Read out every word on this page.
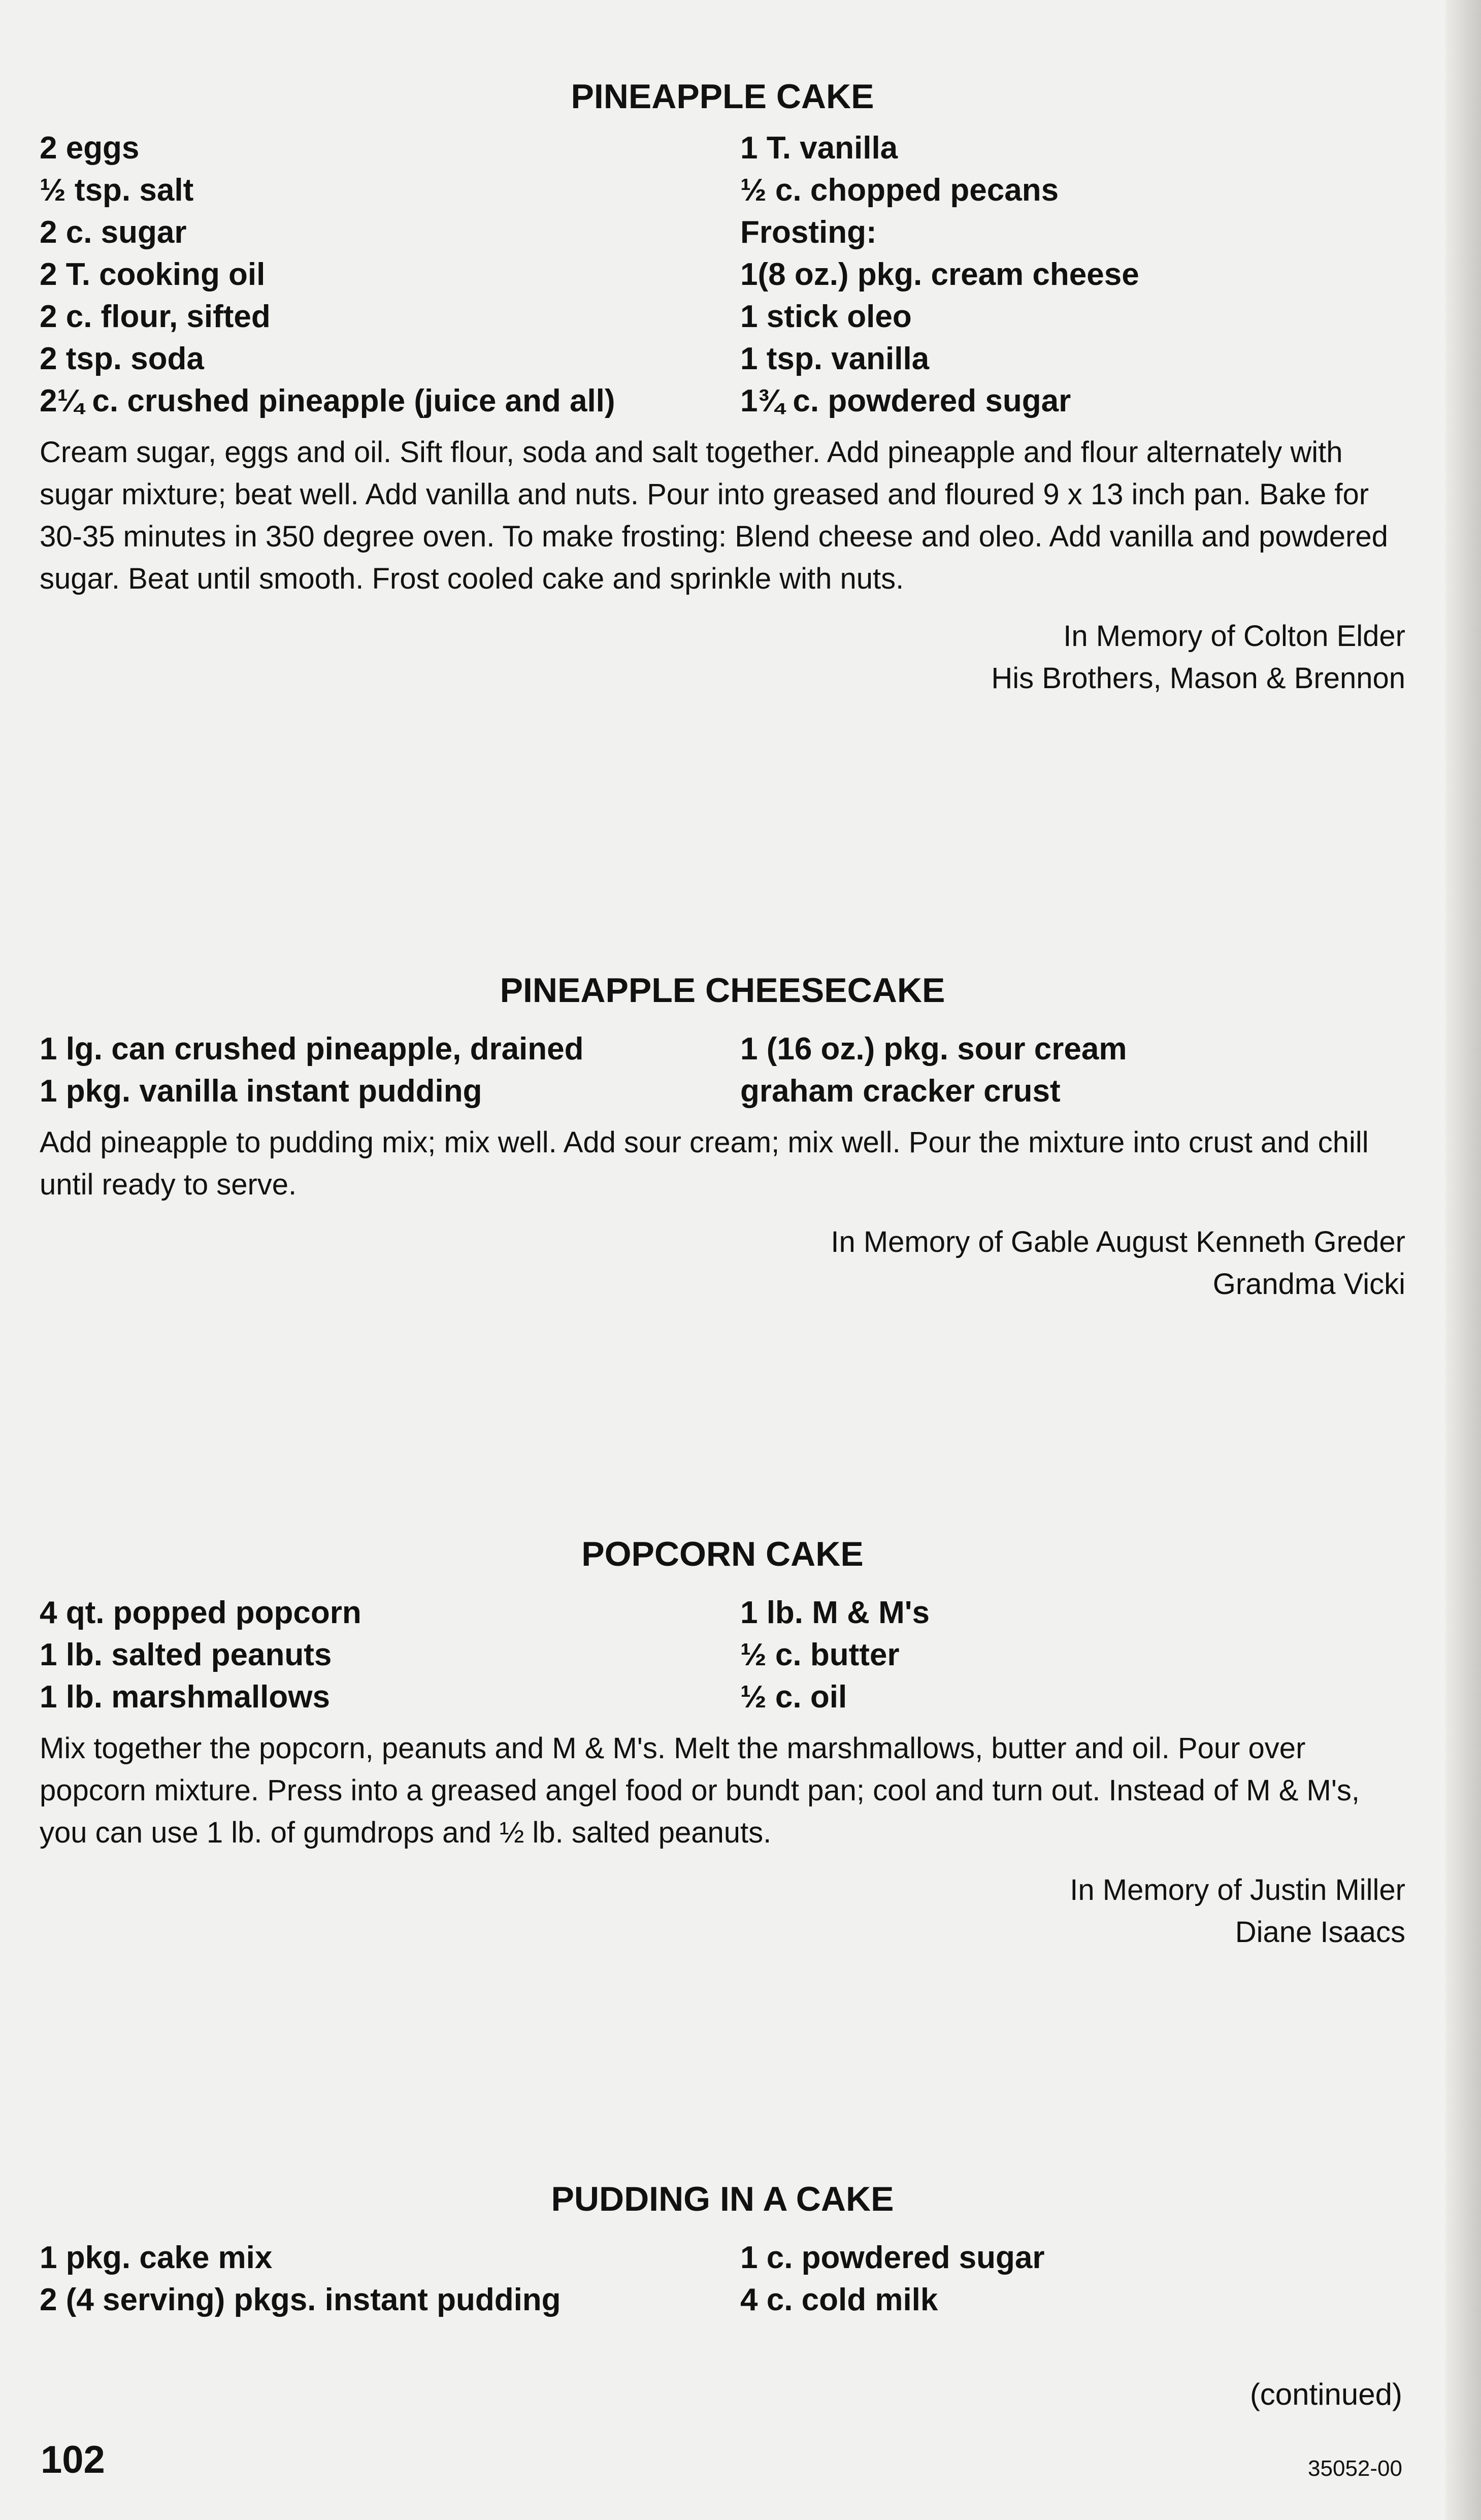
PINEAPPLE CAKE

2 eggs

½ tsp. salt

2 c. sugar

2 T. cooking oil

2 c. flour, sifted

2 tsp. soda

2¼ c. crushed pineapple (juice and all)

1 T. vanilla

½ c. chopped pecans

Frosting:

1(8 oz.) pkg. cream cheese

1 stick oleo

1 tsp. vanilla

1¾ c. powdered sugar

Cream sugar, eggs and oil. Sift flour, soda and salt together. Add pineapple and flour alternately with sugar mixture; beat well. Add vanilla and nuts. Pour into greased and floured 9 x 13 inch pan. Bake for 30-35 minutes in 350 degree oven. To make frosting: Blend cheese and oleo. Add vanilla and powdered sugar. Beat until smooth. Frost cooled cake and sprinkle with nuts.

In Memory of Colton Elder

His Brothers, Mason & Brennon

PINEAPPLE CHEESECAKE

1 lg. can crushed pineapple, drained

1 pkg. vanilla instant pudding

1 (16 oz.) pkg. sour cream

graham cracker crust

Add pineapple to pudding mix; mix well. Add sour cream; mix well. Pour the mixture into crust and chill until ready to serve.

In Memory of Gable August Kenneth Greder

Grandma Vicki

POPCORN CAKE

4 qt. popped popcorn

1 lb. salted peanuts

1 lb. marshmallows

1 lb. M & M's

½ c. butter

½ c. oil

Mix together the popcorn, peanuts and M & M's. Melt the marshmallows, butter and oil. Pour over popcorn mixture. Press into a greased angel food or bundt pan; cool and turn out. Instead of M & M's, you can use 1 lb. of gumdrops and ½ lb. salted peanuts.

In Memory of Justin Miller

Diane Isaacs

PUDDING IN A CAKE

1 pkg. cake mix

2 (4 serving) pkgs. instant pudding

1 c. powdered sugar

4 c. cold milk

(continued)
102	35052-00
